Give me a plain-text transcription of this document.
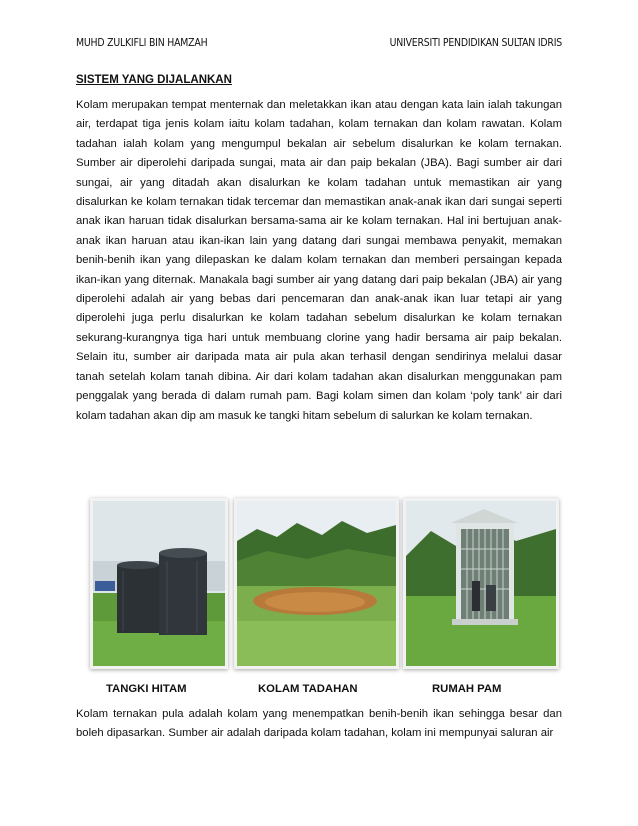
MUHD ZULKIFLI BIN HAMZAH	UNIVERSITI PENDIDIKAN SULTAN IDRIS
SISTEM YANG DIJALANKAN

Kolam merupakan tempat menternak dan meletakkan ikan atau dengan kata lain ialah takungan air, terdapat tiga jenis kolam iaitu kolam tadahan, kolam ternakan dan kolam rawatan. Kolam tadahan ialah kolam yang mengumpul bekalan air sebelum disalurkan ke kolam ternakan. Sumber air diperolehi daripada sungai, mata air dan paip bekalan (JBA). Bagi sumber air dari sungai, air yang ditadah akan disalurkan ke kolam tadahan untuk memastikan air yang disalurkan ke kolam ternakan tidak tercemar dan memastikan anak-anak ikan dari sungai seperti anak ikan haruan tidak disalurkan bersama-sama air ke kolam ternakan. Hal ini bertujuan anak-anak ikan haruan atau ikan-ikan lain yang datang dari sungai membawa penyakit, memakan benih-benih ikan yang dilepaskan ke dalam kolam ternakan dan memberi persaingan kepada ikan-ikan yang diternak. Manakala bagi sumber air yang datang dari paip bekalan (JBA) air yang diperolehi adalah air yang bebas dari pencemaran dan anak-anak ikan luar tetapi air yang diperolehi juga perlu disalurkan ke kolam tadahan sebelum disalurkan ke kolam ternakan sekurang-kurangnya tiga hari untuk membuang clorine yang hadir bersama air paip bekalan. Selain itu, sumber air daripada mata air pula akan terhasil dengan sendirinya melalui dasar tanah setelah kolam tanah dibina. Air dari kolam tadahan akan disalurkan menggunakan pam penggalak yang berada di dalam rumah pam. Bagi kolam simen dan kolam ‘poly tank’ air dari kolam tadahan akan dip am masuk ke tangki hitam sebelum di salurkan ke kolam ternakan.

TANGKI HITAM	KOLAM TADAHAN	RUMAH PAM

Kolam ternakan pula adalah kolam yang menempatkan benih-benih ikan sehingga besar dan boleh dipasarkan. Sumber air adalah daripada kolam tadahan, kolam ini mempunyai saluran air
